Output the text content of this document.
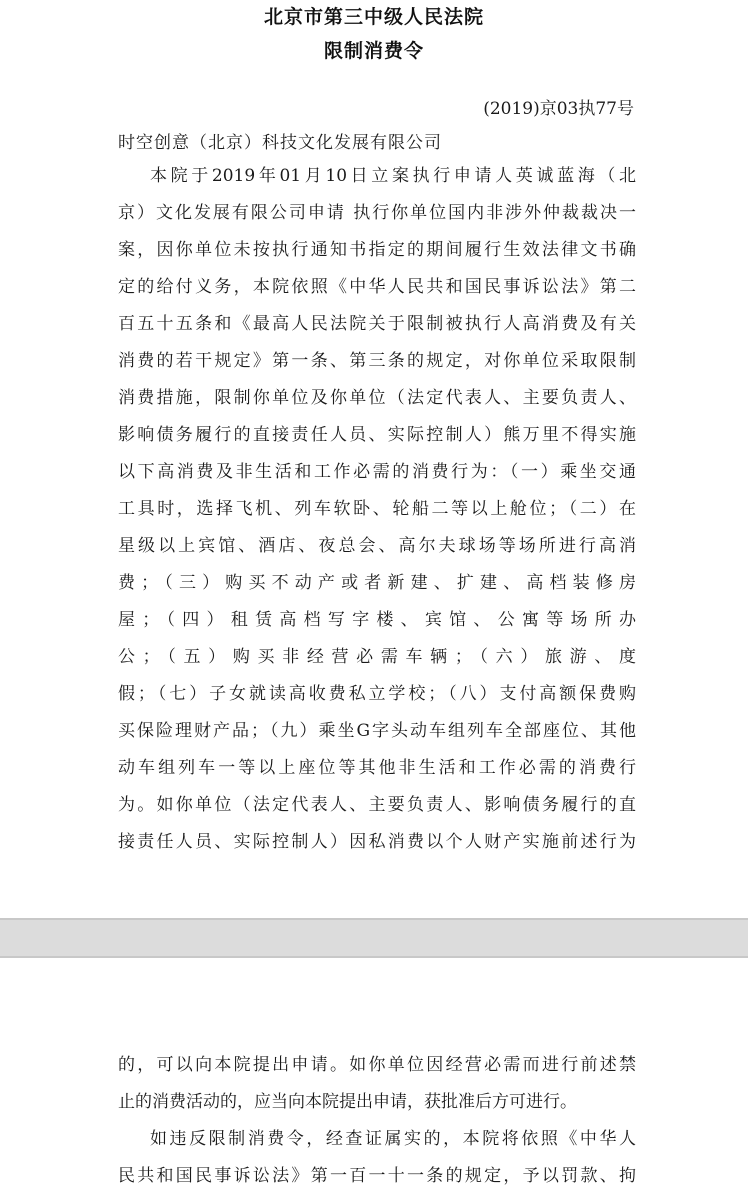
北京市第三中级人民法院
限制消费令
(2019)京03执77号
时空创意（北京）科技文化发展有限公司
本院于2019年01月10日立案执行申请人英诚蓝海（北
京）文化发展有限公司申请 执行你单位国内非涉外仲裁裁决一
案，因你单位未按执行通知书指定的期间履行生效法律文书确
定的给付义务，本院依照《中华人民共和国民事诉讼法》第二
百五十五条和《最高人民法院关于限制被执行人高消费及有关
消费的若干规定》第一条、第三条的规定，对你单位采取限制
消费措施，限制你单位及你单位（法定代表人、主要负责人、
影响债务履行的直接责任人员、实际控制人）熊万里不得实施
以下高消费及非生活和工作必需的消费行为：（一）乘坐交通
工具时，选择飞机、列车软卧、轮船二等以上舱位；（二）在
星级以上宾馆、酒店、夜总会、高尔夫球场等场所进行高消
费；（三）购买不动产或者新建、扩建、高档装修房
屋；（四）租赁高档写字楼、宾馆、公寓等场所办
公；（五）购买非经营必需车辆；（六）旅游、度
假；（七）子女就读高收费私立学校；（八）支付高额保费购
买保险理财产品；（九）乘坐G字头动车组列车全部座位、其他
动车组列车一等以上座位等其他非生活和工作必需的消费行
为。如你单位（法定代表人、主要负责人、影响债务履行的直
接责任人员、实际控制人）因私消费以个人财产实施前述行为
的，可以向本院提出申请。如你单位因经营必需而进行前述禁
止的消费活动的，应当向本院提出申请，获批准后方可进行。
如违反限制消费令，经查证属实的，本院将依照《中华人
民共和国民事诉讼法》第一百一十一条的规定，予以罚款、拘
